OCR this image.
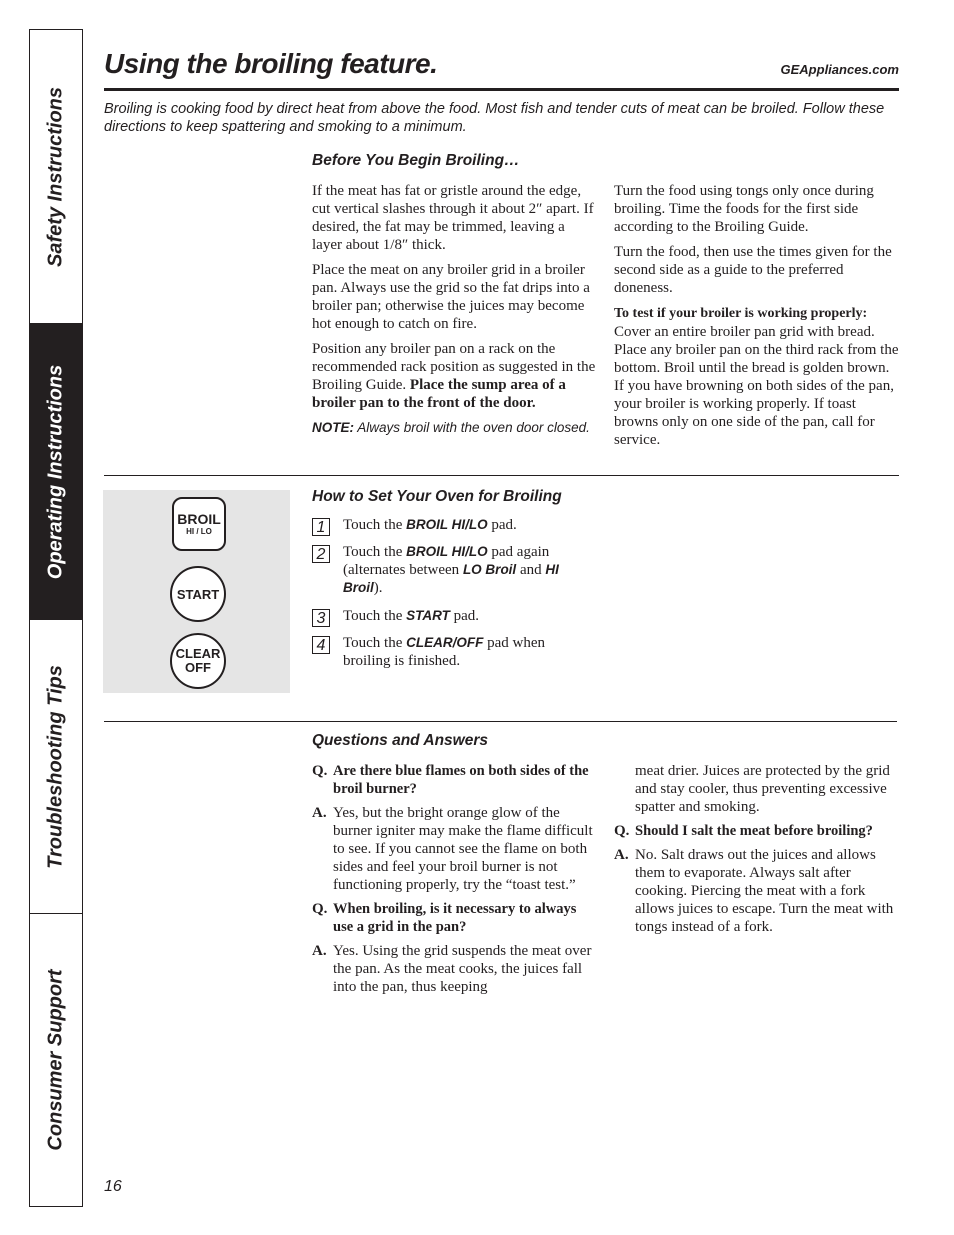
Safety Instructions
Operating Instructions
Troubleshooting Tips
Consumer Support
Using the broiling feature.	GEAppliances.com
Broiling is cooking food by direct heat from above the food. Most fish and tender cuts of meat can be broiled. Follow these directions to keep spattering and smoking to a minimum.
Before You Begin Broiling…

If the meat has fat or gristle around the edge, cut vertical slashes through it about 2″ apart. If desired, the fat may be trimmed, leaving a layer about 1/8″ thick.

Place the meat on any broiler grid in a broiler pan. Always use the grid so the fat drips into a broiler pan; otherwise the juices may become hot enough to catch on fire.

Position any broiler pan on a rack on the recommended rack position as suggested in the Broiling Guide. Place the sump area of a broiler pan to the front of the door.

NOTE: Always broil with the oven door closed.

Turn the food using tongs only once during broiling. Time the foods for the first side according to the Broiling Guide.

Turn the food, then use the times given for the second side as a guide to the preferred doneness.

To test if your broiler is working properly: Cover an entire broiler pan grid with bread. Place any broiler pan on the third rack from the bottom. Broil until the bread is golden brown. If you have browning on both sides of the pan, your broiler is working properly. If toast browns only on one side of the pan, call for service.

BROIL
HI / LO
START
CLEAR
OFF
How to Set Your Oven for Broiling
1	Touch the BROIL HI/LO pad.
2	Touch the BROIL HI/LO pad again (alternates between LO Broil and HI Broil).
3	Touch the START pad.
4	Touch the CLEAR/OFF pad when broiling is finished.
Questions and Answers
Q. Are there blue flames on both sides of the broil burner?
A. Yes, but the bright orange glow of the burner igniter may make the flame difficult to see. If you cannot see the flame on both sides and feel your broil burner is not functioning properly, try the “toast test.”
Q. When broiling, is it necessary to always use a grid in the pan?
A. Yes. Using the grid suspends the meat over the pan. As the meat cooks, the juices fall into the pan, thus keeping
meat drier. Juices are protected by the grid and stay cooler, thus preventing excessive spatter and smoking.
Q. Should I salt the meat before broiling?
A. No. Salt draws out the juices and allows them to evaporate. Always salt after cooking. Piercing the meat with a fork allows juices to escape. Turn the meat with tongs instead of a fork.
16
